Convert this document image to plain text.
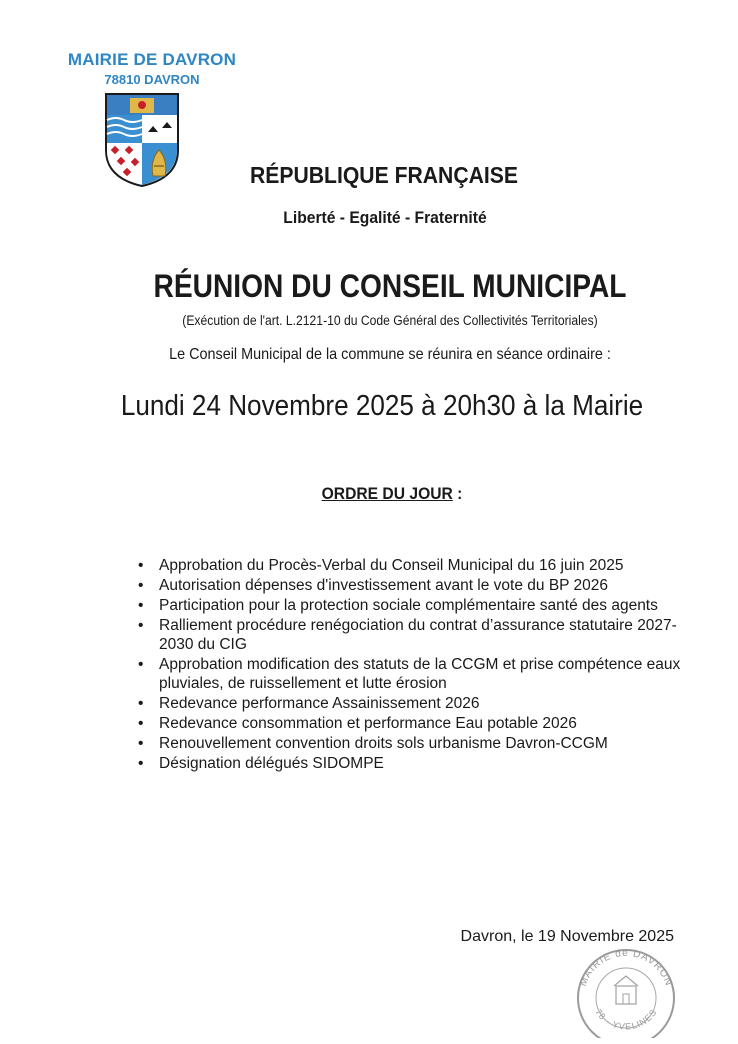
MAIRIE DE DAVRON
78810 DAVRON
RÉPUBLIQUE FRANÇAISE
Liberté - Egalité - Fraternité
RÉUNION DU CONSEIL MUNICIPAL
(Exécution de l'art. L.2121-10 du Code Général des Collectivités Territoriales)
Le Conseil Municipal de la commune se réunira en séance ordinaire :
Lundi 24 Novembre 2025 à 20h30 à la Mairie
ORDRE DU JOUR :
• Approbation du Procès-Verbal du Conseil Municipal du 16 juin 2025
• Autorisation dépenses d'investissement avant le vote du BP 2026
• Participation pour la protection sociale complémentaire santé des agents
• Ralliement procédure renégociation du contrat d’assurance statutaire 2027-2030 du CIG
• Approbation modification des statuts de la CCGM et prise compétence eaux pluviales, de ruissellement et lutte érosion
• Redevance performance Assainissement 2026
• Redevance consommation et performance Eau potable 2026
• Renouvellement convention droits sols urbanisme Davron-CCGM
• Désignation délégués SIDOMPE
Davron, le 19 Novembre 2025
MAIRIE de DAVRON
78 - YVELINES
